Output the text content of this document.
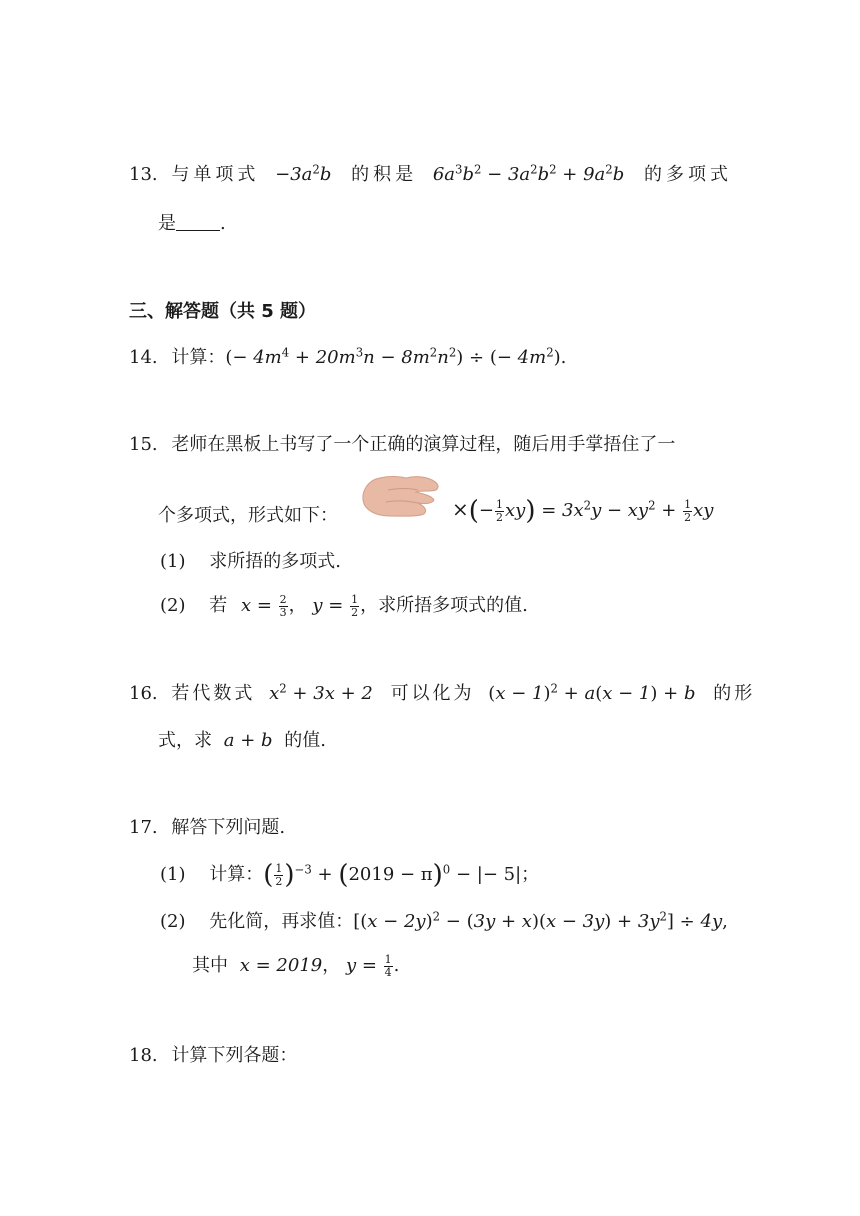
13. 与单项式 $-3a^2b$ 的积是 $6a^3b^2 - 3a^2b^2 + 9a^2b$ 的多项式
是 .
三、解答题（共 5 题）
14. 计算：(− $4m^4 + 20m^3n - 8m^2n^2$) ÷ (− $4m^2$).
15. 老师在黑板上书写了一个正确的演算过程，随后用手掌捂住了一
个多项式，形式如下：	×(− $\frac{1}{2} xy) = 3x^2y - xy^2 + \frac{1}{2}$ xy
(1) 求所捂的多项式.
(2) 若 $x = \frac{2}{3}$ ， $y = \frac{1}{2}$ ，求所捂多项式的值.
16. 若代数式 $x^2 + 3x + 2$ 可以化为 $(x - 1)^2 + a(x - 1) + b$ 的形
式，求 a + b 的值.
17. 解答下列问题.
(1) 计算：( $\frac{1}{2} )^{-3} + (2019 - \pi)^0$ − |− 5|；
(2) 先化简，再求值：$[(x - 2y)^2 - (3y + x)(x - 3y) + 3y^2] \div 4y$,
其中 x = 2019， $y = \frac{1}{4}$ .
18. 计算下列各题：
